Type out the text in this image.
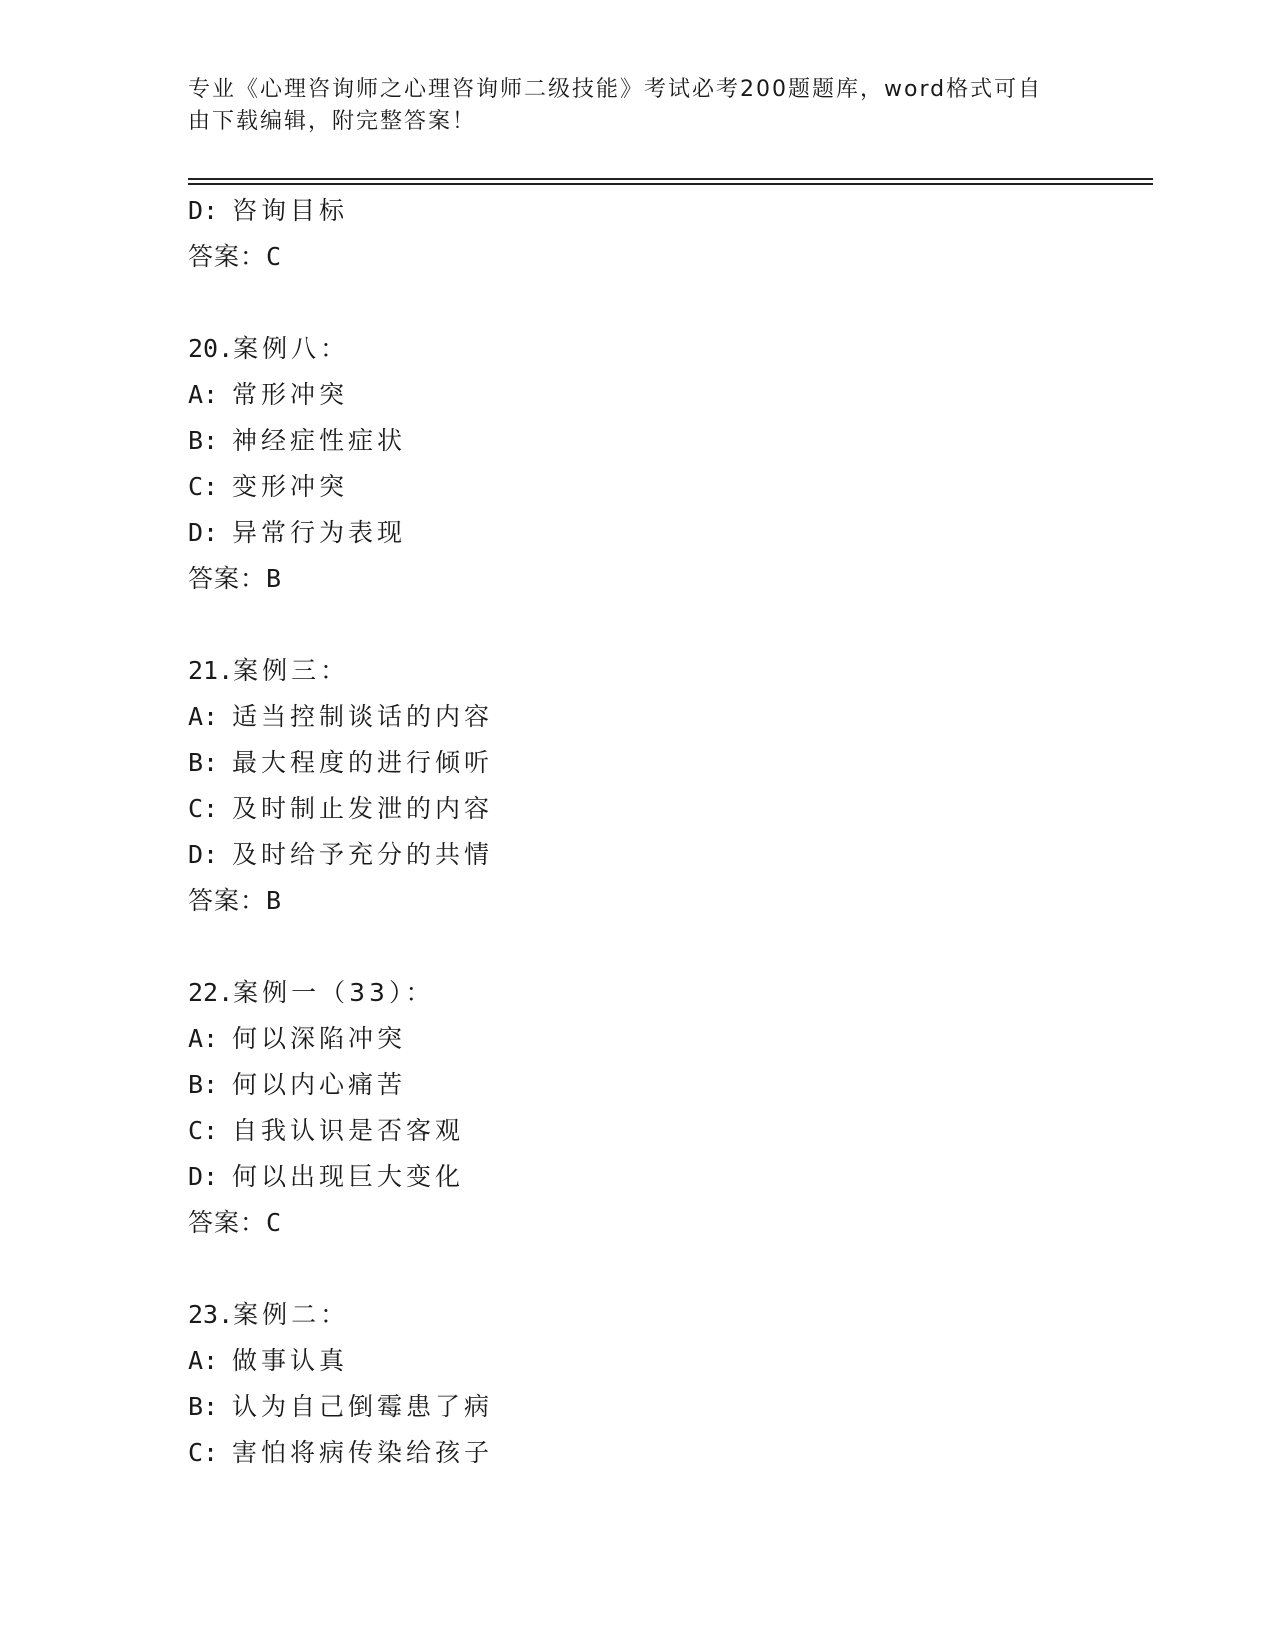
专业《心理咨询师之心理咨询师二级技能》考试必考200题题库，word格式可自
由下载编辑，附完整答案！
D: 咨询目标
答案：C
20.案例八：
A: 常形冲突
B: 神经症性症状
C: 变形冲突
D: 异常行为表现
答案：B
21.案例三：
A: 适当控制谈话的内容
B: 最大程度的进行倾听
C: 及时制止发泄的内容
D: 及时给予充分的共情
答案：B
22.案例一（33）：
A: 何以深陷冲突
B: 何以内心痛苦
C: 自我认识是否客观
D: 何以出现巨大变化
答案：C
23.案例二：
A: 做事认真
B: 认为自己倒霉患了病
C: 害怕将病传染给孩子
